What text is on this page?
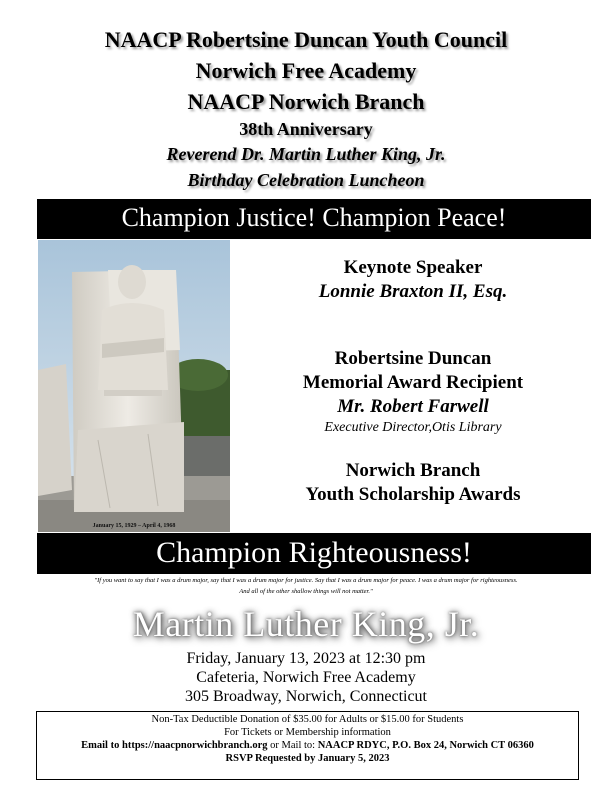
NAACP Robertsine Duncan Youth Council
Norwich Free Academy
NAACP Norwich Branch
38th Anniversary
Reverend Dr. Martin Luther King, Jr.
Birthday Celebration Luncheon
Champion Justice! Champion Peace!
January 15, 1929 – April 4, 1968
Keynote Speaker
Lonnie Braxton II, Esq.
Robertsine Duncan
Memorial Award Recipient
Mr. Robert Farwell
Executive Director,Otis Library
Norwich Branch
Youth Scholarship Awards
Champion Righteousness!
"If you want to say that I was a drum major, say that I was a drum major for justice. Say that I was a drum major for peace. I was a drum major for righteousness.
And all of the other shallow things will not matter."
Martin Luther King, Jr.
Friday, January 13, 2023 at 12:30 pm
Cafeteria, Norwich Free Academy
305 Broadway, Norwich, Connecticut
Non-Tax Deductible Donation of $35.00 for Adults or $15.00 for Students
For Tickets or Membership information
Email to https://naacpnorwichbranch.org or Mail to: NAACP RDYC, P.O. Box 24, Norwich CT 06360
RSVP Requested by January 5, 2023
